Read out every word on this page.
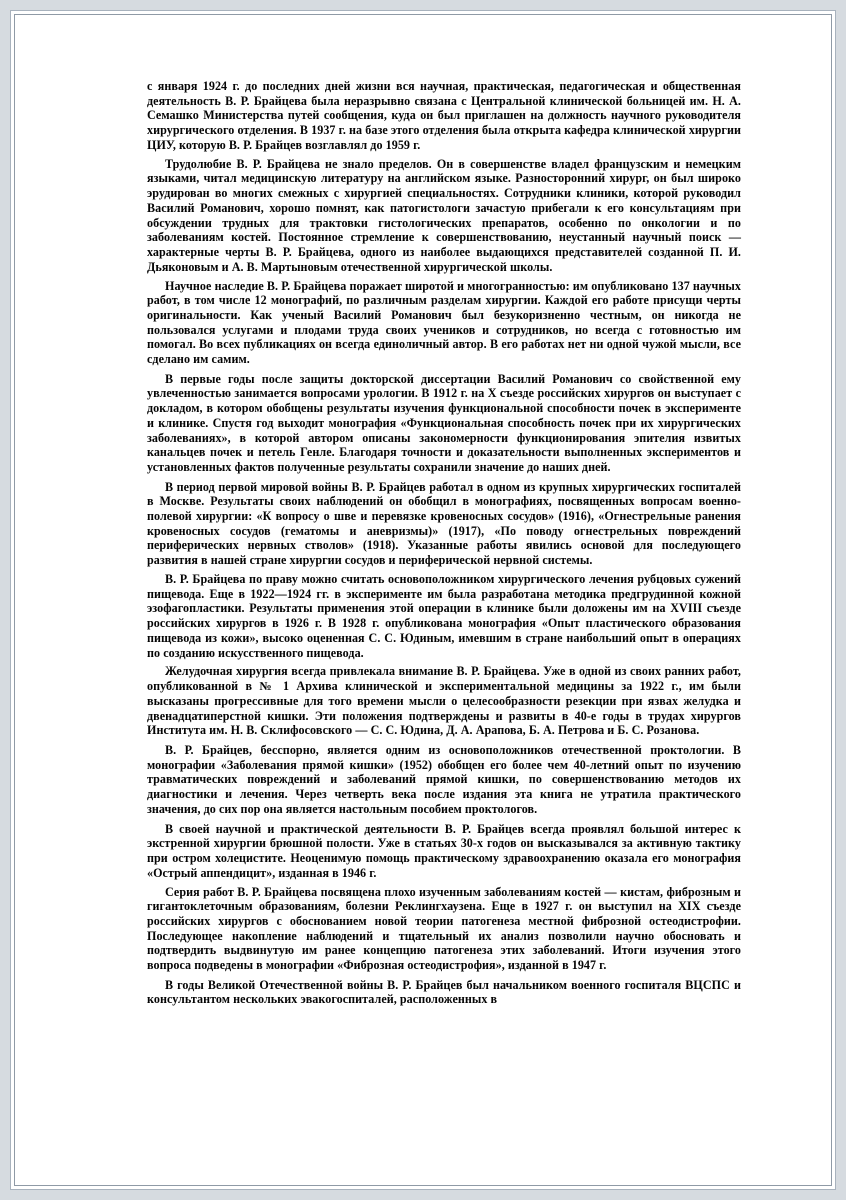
с января 1924 г. до последних дней жизни вся научная, практическая, педагогическая и общественная деятельность В. Р. Брайцева была неразрывно связана с Центральной клинической больницей им. Н. А. Семашко Министерства путей сообщения, куда он был приглашен на должность научного руководителя хирургического отделения. В 1937 г. на базе этого отделения была открыта кафедра клинической хирургии ЦИУ, которую В. Р. Брайцев возглавлял до 1959 г.

Трудолюбие В. Р. Брайцева не знало пределов. Он в совершенстве владел французским и немецким языками, читал медицинскую литературу на английском языке. Разносторонний хирург, он был широко эрудирован во многих смежных с хирургией специальностях. Сотрудники клиники, которой руководил Василий Романович, хорошо помнят, как патогистологи зачастую прибегали к его консультациям при обсуждении трудных для трактовки гистологических препаратов, особенно по онкологии и по заболеваниям костей. Постоянное стремление к совершенствованию, неустанный научный поиск — характерные черты В. Р. Брайцева, одного из наиболее выдающихся представителей созданной П. И. Дьяконовым и А. В. Мартыновым отечественной хирургической школы.

Научное наследие В. Р. Брайцева поражает широтой и многогранностью: им опубликовано 137 научных работ, в том числе 12 монографий, по различным разделам хирургии. Каждой его работе присущи черты оригинальности. Как ученый Василий Романович был безукоризненно честным, он никогда не пользовался услугами и плодами труда своих учеников и сотрудников, но всегда с готовностью им помогал. Во всех публикациях он всегда единоличный автор. В его работах нет ни одной чужой мысли, все сделано им самим.

В первые годы после защиты докторской диссертации Василий Романович со свойственной ему увлеченностью занимается вопросами урологии. В 1912 г. на X съезде российских хирургов он выступает с докладом, в котором обобщены результаты изучения функциональной способности почек в эксперименте и клинике. Спустя год выходит монография «Функциональная способность почек при их хирургических заболеваниях», в которой автором описаны закономерности функционирования эпителия извитых канальцев почек и петель Генле. Благодаря точности и доказательности выполненных экспериментов и установленных фактов полученные результаты сохранили значение до наших дней.

В период первой мировой войны В. Р. Брайцев работал в одном из крупных хирургических госпиталей в Москве. Результаты своих наблюдений он обобщил в монографиях, посвященных вопросам военно-полевой хирургии: «К вопросу о шве и перевязке кровеносных сосудов» (1916), «Огнестрельные ранения кровеносных сосудов (гематомы и аневризмы)» (1917), «По поводу огнестрельных повреждений периферических нервных стволов» (1918). Указанные работы явились основой для последующего развития в нашей стране хирургии сосудов и периферической нервной системы.

В. Р. Брайцева по праву можно считать основоположником хирургического лечения рубцовых сужений пищевода. Еще в 1922—1924 гг. в эксперименте им была разработана методика предгрудинной кожной эзофагопластики. Результаты применения этой операции в клинике были доложены им на XVIII съезде российских хирургов в 1926 г. В 1928 г. опубликована монография «Опыт пластического образования пищевода из кожи», высоко оцененная С. С. Юдиным, имевшим в стране наибольший опыт в операциях по созданию искусственного пищевода.

Желудочная хирургия всегда привлекала внимание В. Р. Брайцева. Уже в одной из своих ранних работ, опубликованной в № 1 Архива клинической и экспериментальной медицины за 1922 г., им были высказаны прогрессивные для того времени мысли о целесообразности резекции при язвах желудка и двенадцатиперстной кишки. Эти положения подтверждены и развиты в 40-е годы в трудах хирургов Института им. Н. В. Склифосовского — С. С. Юдина, Д. А. Арапова, Б. А. Петрова и Б. С. Розанова.

В. Р. Брайцев, бесспорно, является одним из основоположников отечественной проктологии. В монографии «Заболевания прямой кишки» (1952) обобщен его более чем 40-летний опыт по изучению травматических повреждений и заболеваний прямой кишки, по совершенствованию методов их диагностики и лечения. Через четверть века после издания эта книга не утратила практического значения, до сих пор она является настольным пособием проктологов.

В своей научной и практической деятельности В. Р. Брайцев всегда проявлял большой интерес к экстренной хирургии брюшной полости. Уже в статьях 30-х годов он высказывался за активную тактику при остром холецистите. Неоценимую помощь практическому здравоохранению оказала его монография «Острый аппендицит», изданная в 1946 г.

Серия работ В. Р. Брайцева посвящена плохо изученным заболеваниям костей — кистам, фиброзным и гигантоклеточным образованиям, болезни Реклингхаузена. Еще в 1927 г. он выступил на XIX съезде российских хирургов с обоснованием новой теории патогенеза местной фиброзной остеодистрофии. Последующее накопление наблюдений и тщательный их анализ позволили научно обосновать и подтвердить выдвинутую им ранее концепцию патогенеза этих заболеваний. Итоги изучения этого вопроса подведены в монографии «Фиброзная остеодистрофия», изданной в 1947 г.

В годы Великой Отечественной войны В. Р. Брайцев был начальником военного госпиталя ВЦСПС и консультантом нескольких эвакогоспиталей, расположенных в
